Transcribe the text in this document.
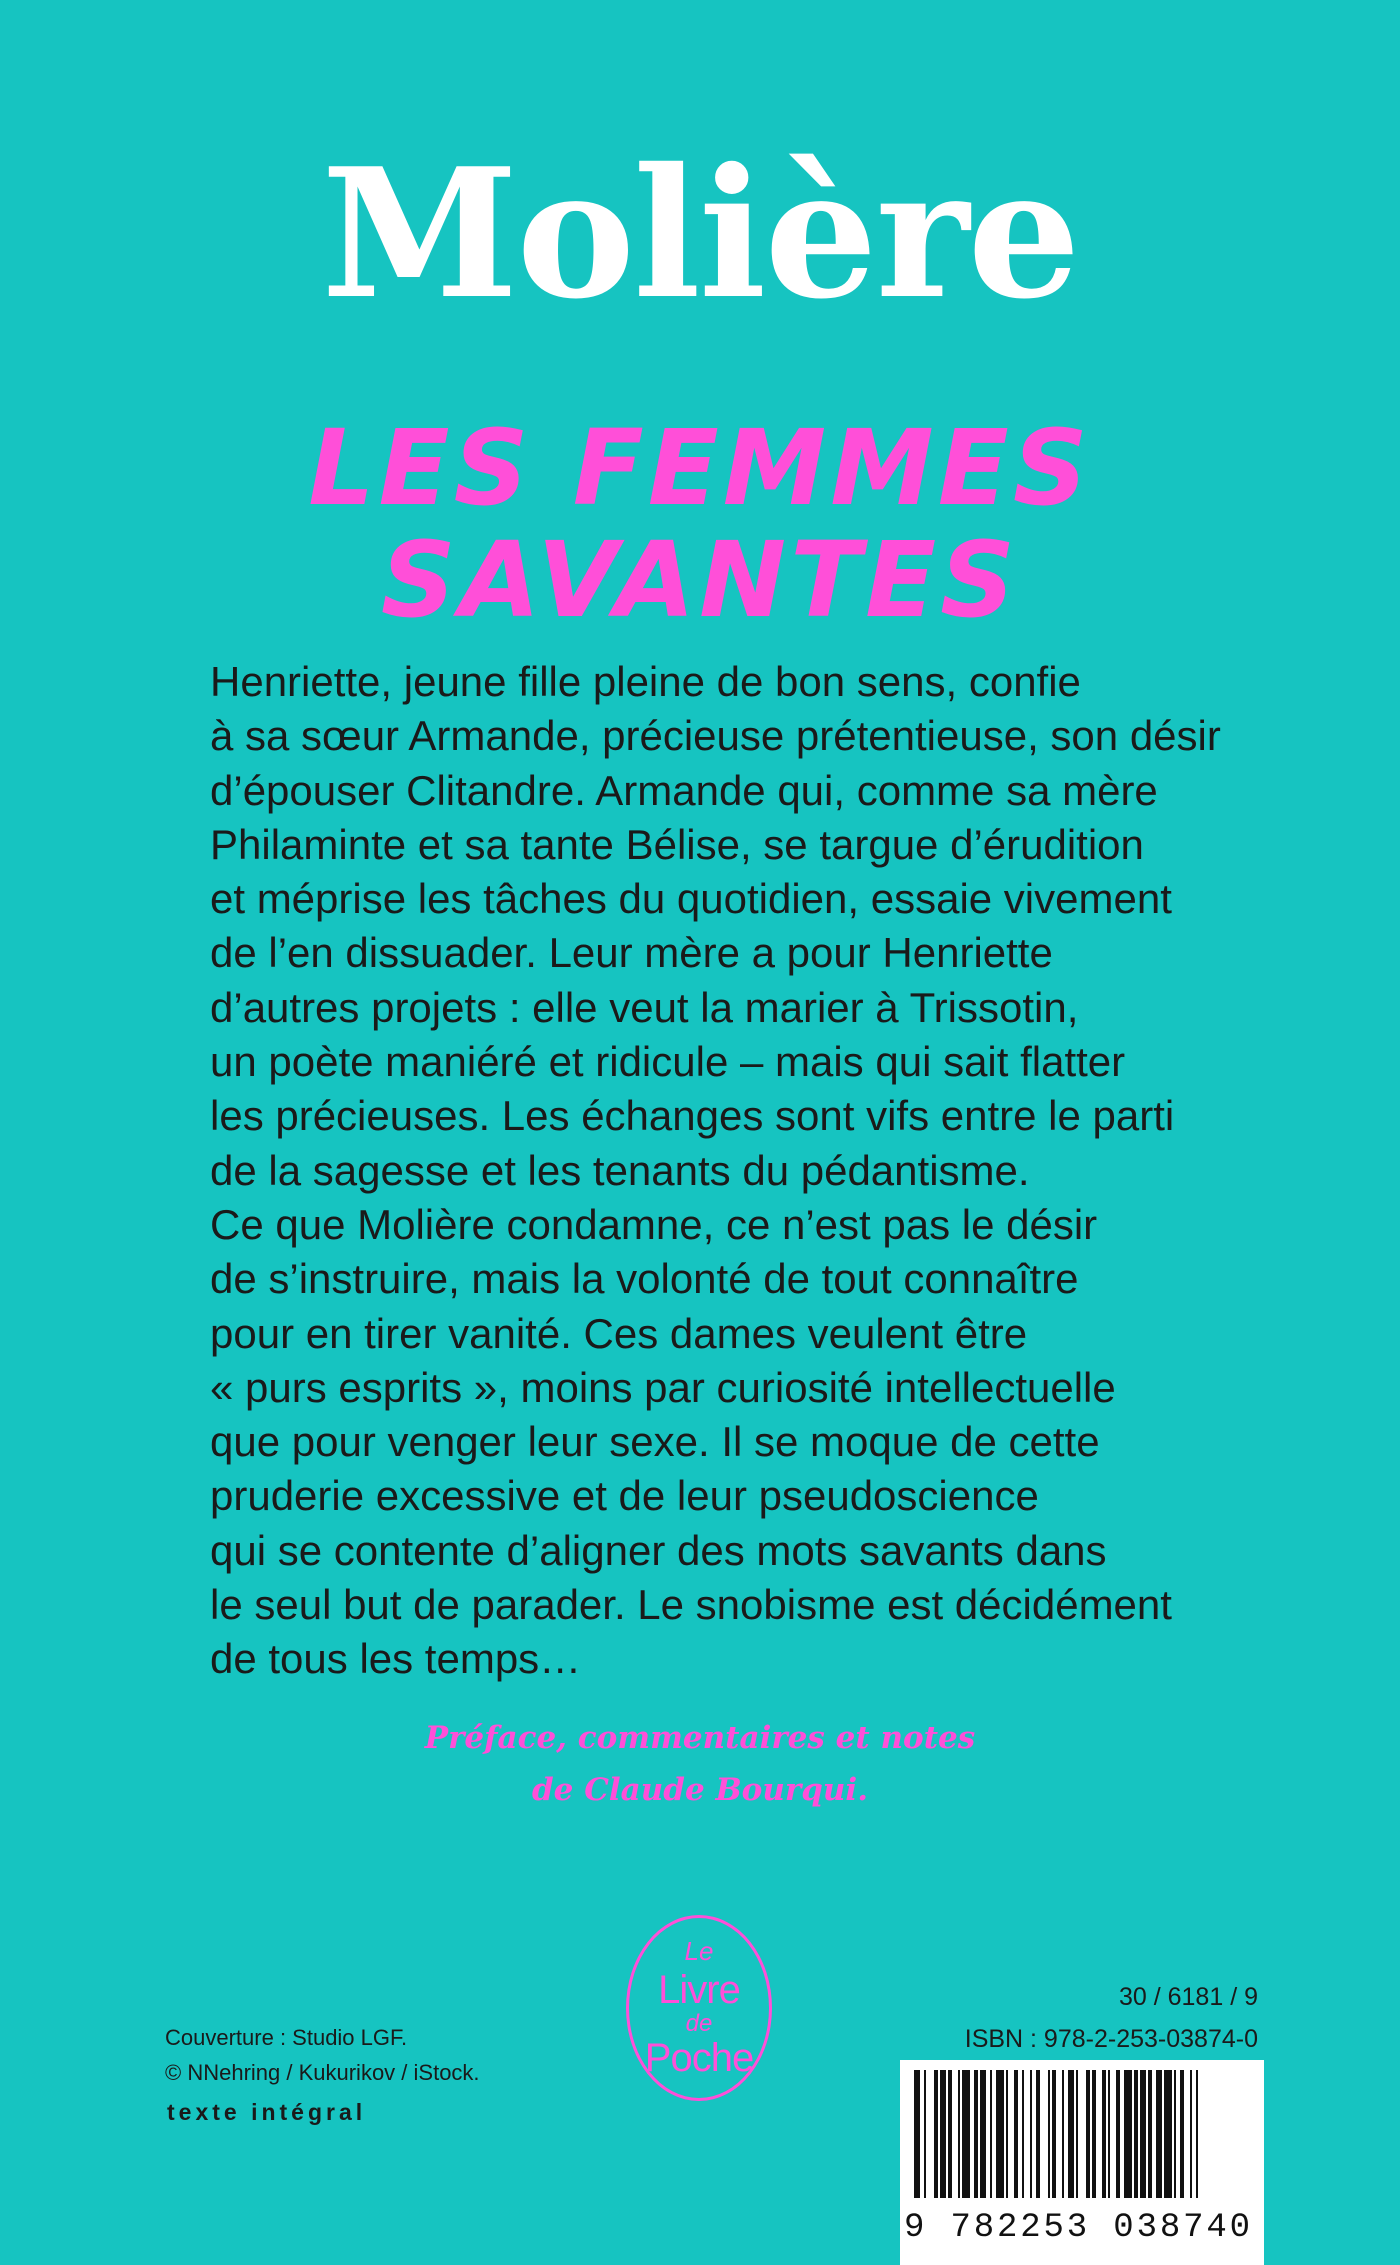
Molière
LES FEMMES
SAVANTES
Henriette, jeune fille pleine de bon sens, confie
à sa sœur Armande, précieuse prétentieuse, son désir
d’épouser Clitandre. Armande qui, comme sa mère
Philaminte et sa tante Bélise, se targue d’érudition
et méprise les tâches du quotidien, essaie vivement
de l’en dissuader. Leur mère a pour Henriette
d’autres projets : elle veut la marier à Trissotin,
un poète maniéré et ridicule – mais qui sait flatter
les précieuses. Les échanges sont vifs entre le parti
de la sagesse et les tenants du pédantisme.
Ce que Molière condamne, ce n’est pas le désir
de s’instruire, mais la volonté de tout connaître
pour en tirer vanité. Ces dames veulent être
« purs esprits », moins par curiosité intellectuelle
que pour venger leur sexe. Il se moque de cette
pruderie excessive et de leur pseudoscience
qui se contente d’aligner des mots savants dans
le seul but de parader. Le snobisme est décidément
de tous les temps…
Préface, commentaires et notes
de Claude Bourqui.
Le
Livre
de
Poche
Couverture : Studio LGF.
© NNehring / Kukurikov / iStock.
texte intégral
30 / 6181 / 9
ISBN : 978-2-253-03874-0
9 782253 038740
